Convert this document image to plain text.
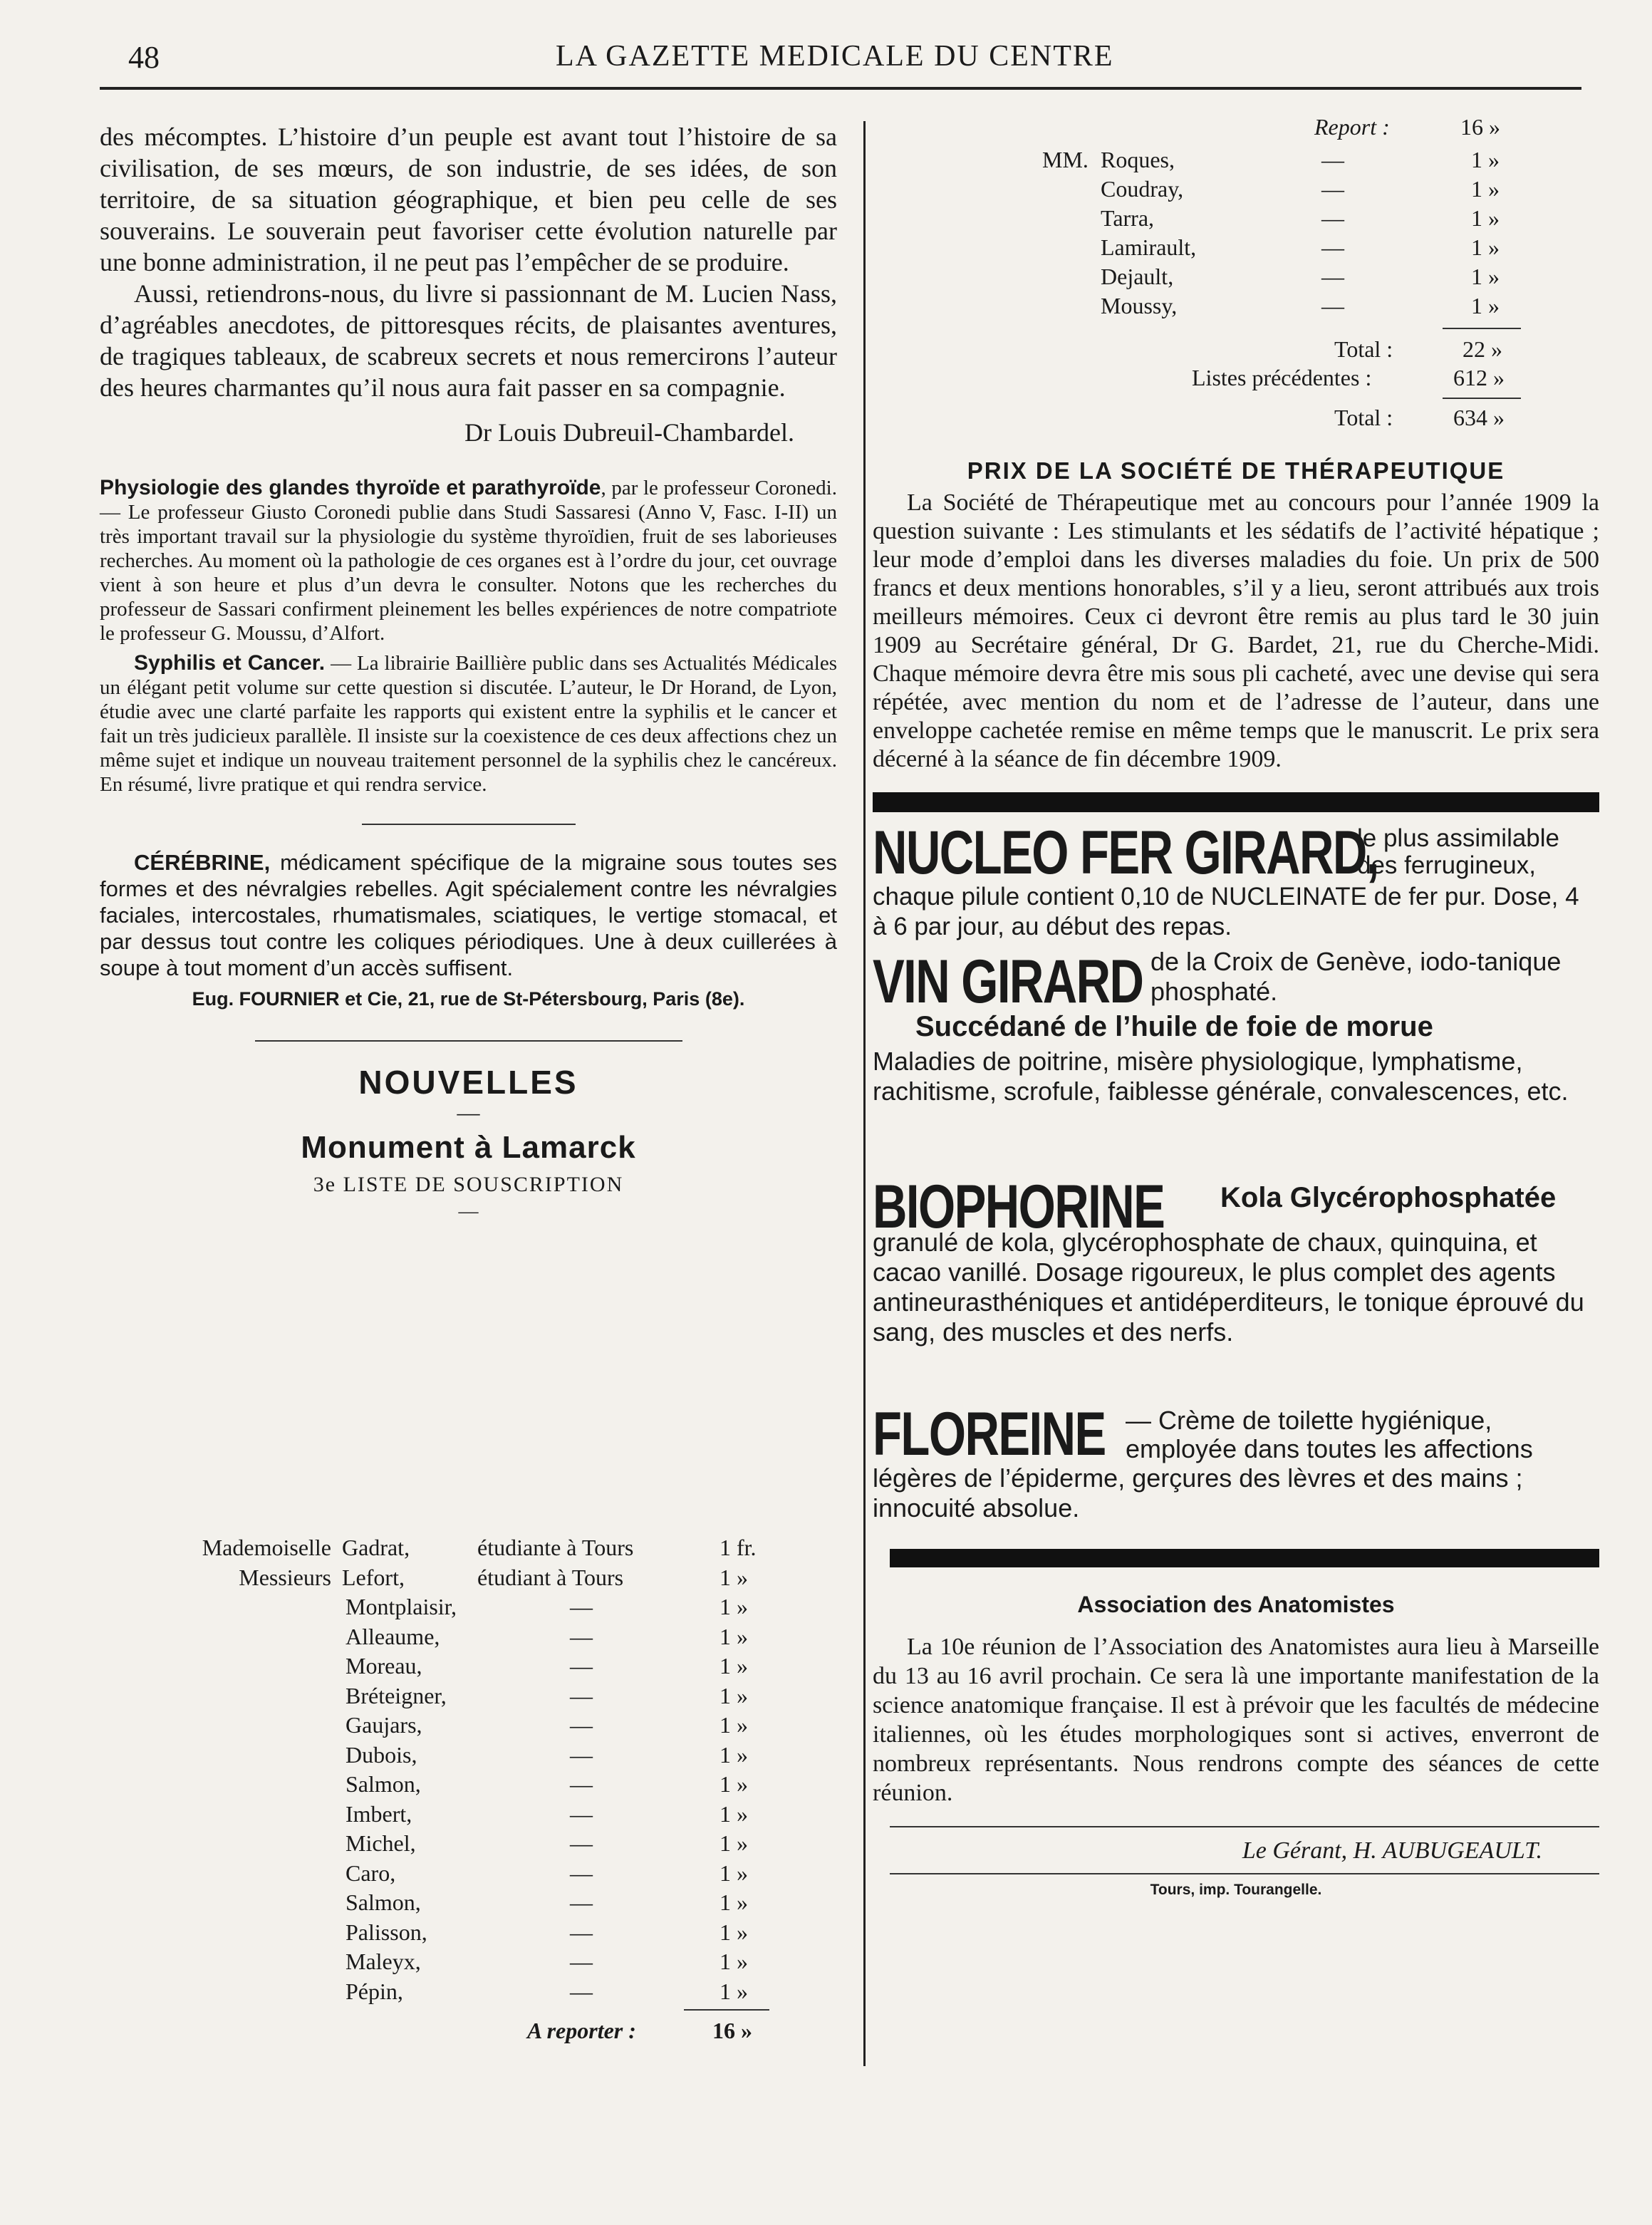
48	LA GAZETTE MEDICALE DU CENTRE

des mécomptes. L’histoire d’un peuple est avant tout l’histoire de sa civilisation, de ses mœurs, de son industrie, de ses idées, de son territoire, de sa situation géographique, et bien peu celle de ses souverains. Le souverain peut favoriser cette évolution naturelle par une bonne administration, il ne peut pas l’empêcher de se produire.

Aussi, retiendrons-nous, du livre si passionnant de M. Lucien Nass, d’agréables anecdotes, de pittoresques récits, de plaisantes aventures, de tragiques tableaux, de scabreux secrets et nous remercirons l’auteur des heures charmantes qu’il nous aura fait passer en sa compagnie.

Dr Louis Dubreuil-Chambardel.

Physiologie des glandes thyroïde et parathyroïde, par le professeur Coronedi. — Le professeur Giusto Coronedi publie dans Studi Sassaresi (Anno V, Fasc. I-II) un très important travail sur la physiologie du système thyroïdien, fruit de ses laborieuses recherches. Au moment où la pathologie de ces organes est à l’ordre du jour, cet ouvrage vient à son heure et plus d’un devra le consulter. Notons que les recherches du professeur de Sassari confirment pleinement les belles expériences de notre compatriote le professeur G. Moussu, d’Alfort.

Syphilis et Cancer. — La librairie Baillière public dans ses Actualités Médicales un élégant petit volume sur cette question si discutée. L’auteur, le Dr Horand, de Lyon, étudie avec une clarté parfaite les rapports qui existent entre la syphilis et le cancer et fait un très judicieux parallèle. Il insiste sur la coexistence de ces deux affections chez un même sujet et indique un nouveau traitement personnel de la syphilis chez le cancéreux. En résumé, livre pratique et qui rendra service.

CÉRÉBRINE, médicament spécifique de la migraine sous toutes ses formes et des névralgies rebelles. Agit spécialement contre les névralgies faciales, intercostales, rhumatismales, sciatiques, le vertige stomacal, et par dessus tout contre les coliques périodiques. Une à deux cuillerées à soupe à tout moment d’un accès suffisent.

Eug. FOURNIER et Cie, 21, rue de St-Pétersbourg, Paris (8e).

NOUVELLES

—

Monument à Lamarck

3e LISTE DE SOUSCRIPTION

—

Mademoiselle Gadrat,	étudiante à Tours	1 fr.
Messieurs Lefort,	étudiant à Tours	1 »
Montplaisir,	—	1 »
Alleaume,	—	1 »
Moreau,	—	1 »
Bréteigner,	—	1 »
Gaujars,	—	1 »
Dubois,	—	1 »
Salmon,	—	1 »
Imbert,	—	1 »
Michel,	—	1 »
Caro,	—	1 »
Salmon,	—	1 »
Palisson,	—	1 »
Maleyx,	—	1 »
Pépin,	—	1 »
A reporter :	16 »
Report :	16 »
MM. Roques,	—	1 »
Coudray,	—	1 »
Tarra,	—	1 »
Lamirault,	—	1 »
Dejault,	—	1 »
Moussy,	—	1 »
Total :	22 »
Listes précédentes :	612 »
Total :	634 »

PRIX DE LA SOCIÉTÉ DE THÉRAPEUTIQUE

La Société de Thérapeutique met au concours pour l’année 1909 la question suivante : Les stimulants et les sédatifs de l’activité hépatique ; leur mode d’emploi dans les diverses maladies du foie. Un prix de 500 francs et deux mentions honorables, s’il y a lieu, seront attribués aux trois meilleurs mémoires. Ceux ci devront être remis au plus tard le 30 juin 1909 au Secrétaire général, Dr G. Bardet, 21, rue du Cherche-Midi. Chaque mémoire devra être mis sous pli cacheté, avec une devise qui sera répétée, avec mention du nom et de l’adresse de l’auteur, dans une enveloppe cachetée remise en même temps que le manuscrit. Le prix sera décerné à la séance de fin décembre 1909.

NUCLEO FER GIRARD,
le plus assimilable des ferrugineux,

chaque pilule contient 0,10 de NUCLEINATE de fer pur. Dose, 4 à 6 par jour, au début des repas.

VIN GIRARD de la Croix de Genève, iodo-tanique phosphaté.

Succédané de l’huile de foie de morue

Maladies de poitrine, misère physiologique, lymphatisme, rachitisme, scrofule, faiblesse générale, convalescences, etc.

BIOPHORINE Kola Glycérophosphatée

granulé de kola, glycérophosphate de chaux, quinquina, et cacao vanillé. Dosage rigoureux, le plus complet des agents antineurasthéniques et antidéperditeurs, le tonique éprouvé du sang, des muscles et des nerfs.

FLOREINE — Crème de toilette hygiénique, employée dans toutes les affections

légères de l’épiderme, gerçures des lèvres et des mains ; innocuité absolue.

Association des Anatomistes

La 10e réunion de l’Association des Anatomistes aura lieu à Marseille du 13 au 16 avril prochain. Ce sera là une importante manifestation de la science anatomique française. Il est à prévoir que les facultés de médecine italiennes, où les études morphologiques sont si actives, enverront de nombreux représentants. Nous rendrons compte des séances de cette réunion.

Le Gérant, H. AUBUGEAULT.

Tours, imp. Tourangelle.
